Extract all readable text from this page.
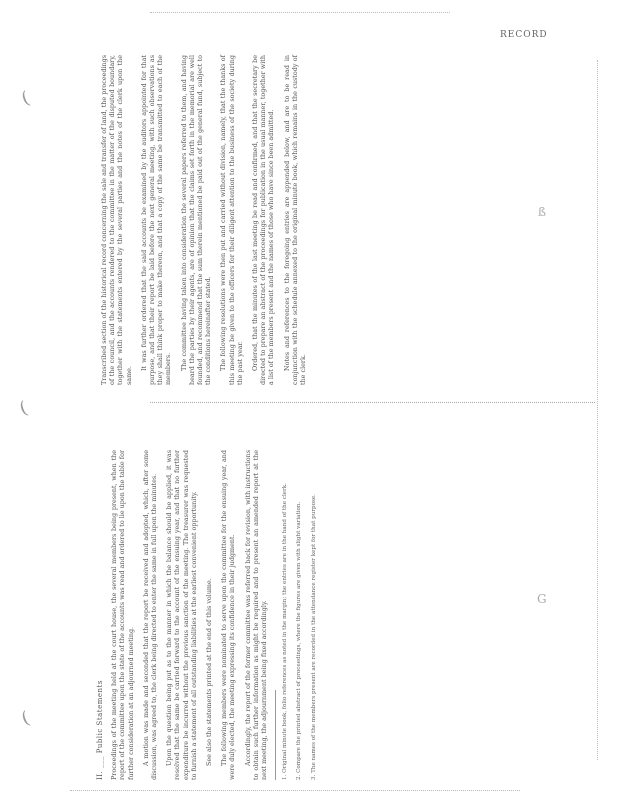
(
(
(
ß
G
RECORD

Transcribed section of the historical record concerning the sale and transfer of land, the proceedings of the council, and the accounts rendered to the committee in the matter of the disputed boundary, together with the statements entered by the several parties and the notes of the clerk upon the same.

It was further ordered that the said accounts be examined by the auditors appointed for that purpose, and that their report be laid before the next general meeting, with such observations as they shall think proper to make thereon, and that a copy of the same be transmitted to each of the members. The committee having taken into consideration the several papers referred to them, and having heard the parties by their agents, are of opinion that the claims set forth in the memorial are well founded, and recommend that the sum therein mentioned be paid out of the general fund, subject to the conditions hereinafter stated. The following resolutions were then put and carried without division, namely, that the thanks of this meeting be given to the officers for their diligent attention to the business of the society during the past year. Ordered, that the minutes of the last meeting be read and confirmed, and that the secretary be directed to prepare an abstract of the proceedings for publication in the usual manner, together with a list of the members present and the names of those who have since been admitted. Notes and references to the foregoing entries are appended below, and are to be read in conjunction with the schedule annexed to the original minute book, which remains in the custody of the clerk.

II. ___ Public Statements Proceedings of the meeting held at the court house, the several members being present, when the report of the committee upon the state of the accounts was read and ordered to lie upon the table for further consideration at an adjourned meeting. A motion was made and seconded that the report be received and adopted, which, after some discussion, was agreed to, the clerk being directed to enter the same in full upon the minutes. Upon the question being put as to the manner in which the balance should be applied, it was resolved that the same be carried forward to the account of the ensuing year, and that no further expenditure be incurred without the previous sanction of the meeting. The treasurer was requested to furnish a statement of all outstanding liabilities at the earliest convenient opportunity. See also the statements printed at the end of this volume. The following members were nominated to serve upon the committee for the ensuing year, and were duly elected, the meeting expressing its confidence in their judgment. Accordingly, the report of the former committee was referred back for revision, with instructions to obtain such further information as might be required and to present an amended report at the next meeting, the adjournment being fixed accordingly.	1. Original minute book, folio references as noted in the margin; the entries are in the hand of the clerk. 2. Compare the printed abstract of proceedings, where the figures are given with slight variation. 3. The names of the members present are recorded in the attendance register kept for that purpose.
